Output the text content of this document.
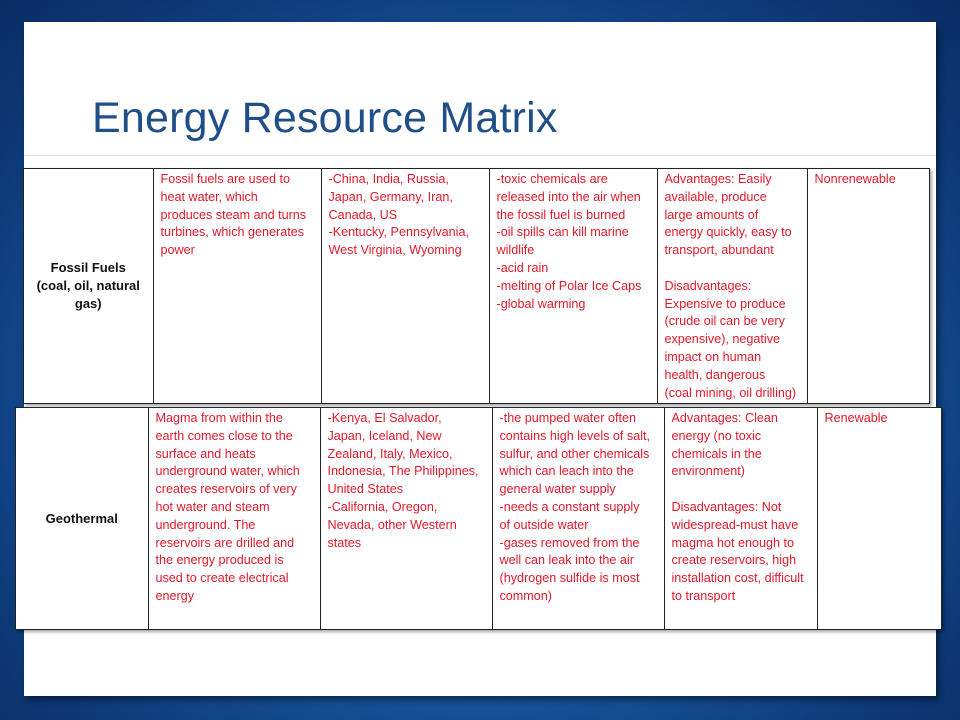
Energy Resource Matrix
Fossil Fuels
(coal, oil, natural
gas)

Fossil fuels are used to
heat water, which
produces steam and turns
turbines, which generates
power

-China, India, Russia,
Japan, Germany, Iran,
Canada, US
-Kentucky, Pennsylvania,
West Virginia, Wyoming

-toxic chemicals are
released into the air when
the fossil fuel is burned
-oil spills can kill marine
wildlife
-acid rain
-melting of Polar Ice Caps
-global warming

Advantages: Easily
available, produce
large amounts of
energy quickly, easy to
transport, abundant
Disadvantages:
Expensive to produce
(crude oil can be very
expensive), negative
impact on human
health, dangerous
(coal mining, oil drilling)

Nonrenewable
Geothermal

Magma from within the
earth comes close to the
surface and heats
underground water, which
creates reservoirs of very
hot water and steam
underground. The
reservoirs are drilled and
the energy produced is
used to create electrical
energy

-Kenya, El Salvador,
Japan, Iceland, New
Zealand, Italy, Mexico,
Indonesia, The Philippines,
United States
-California, Oregon,
Nevada, other Western
states

-the pumped water often
contains high levels of salt,
sulfur, and other chemicals
which can leach into the
general water supply
-needs a constant supply
of outside water
-gases removed from the
well can leak into the air
(hydrogen sulfide is most
common)

Advantages: Clean
energy (no toxic
chemicals in the
environment)
Disadvantages: Not
widespread-must have
magma hot enough to
create reservoirs, high
installation cost, difficult
to transport

Renewable
